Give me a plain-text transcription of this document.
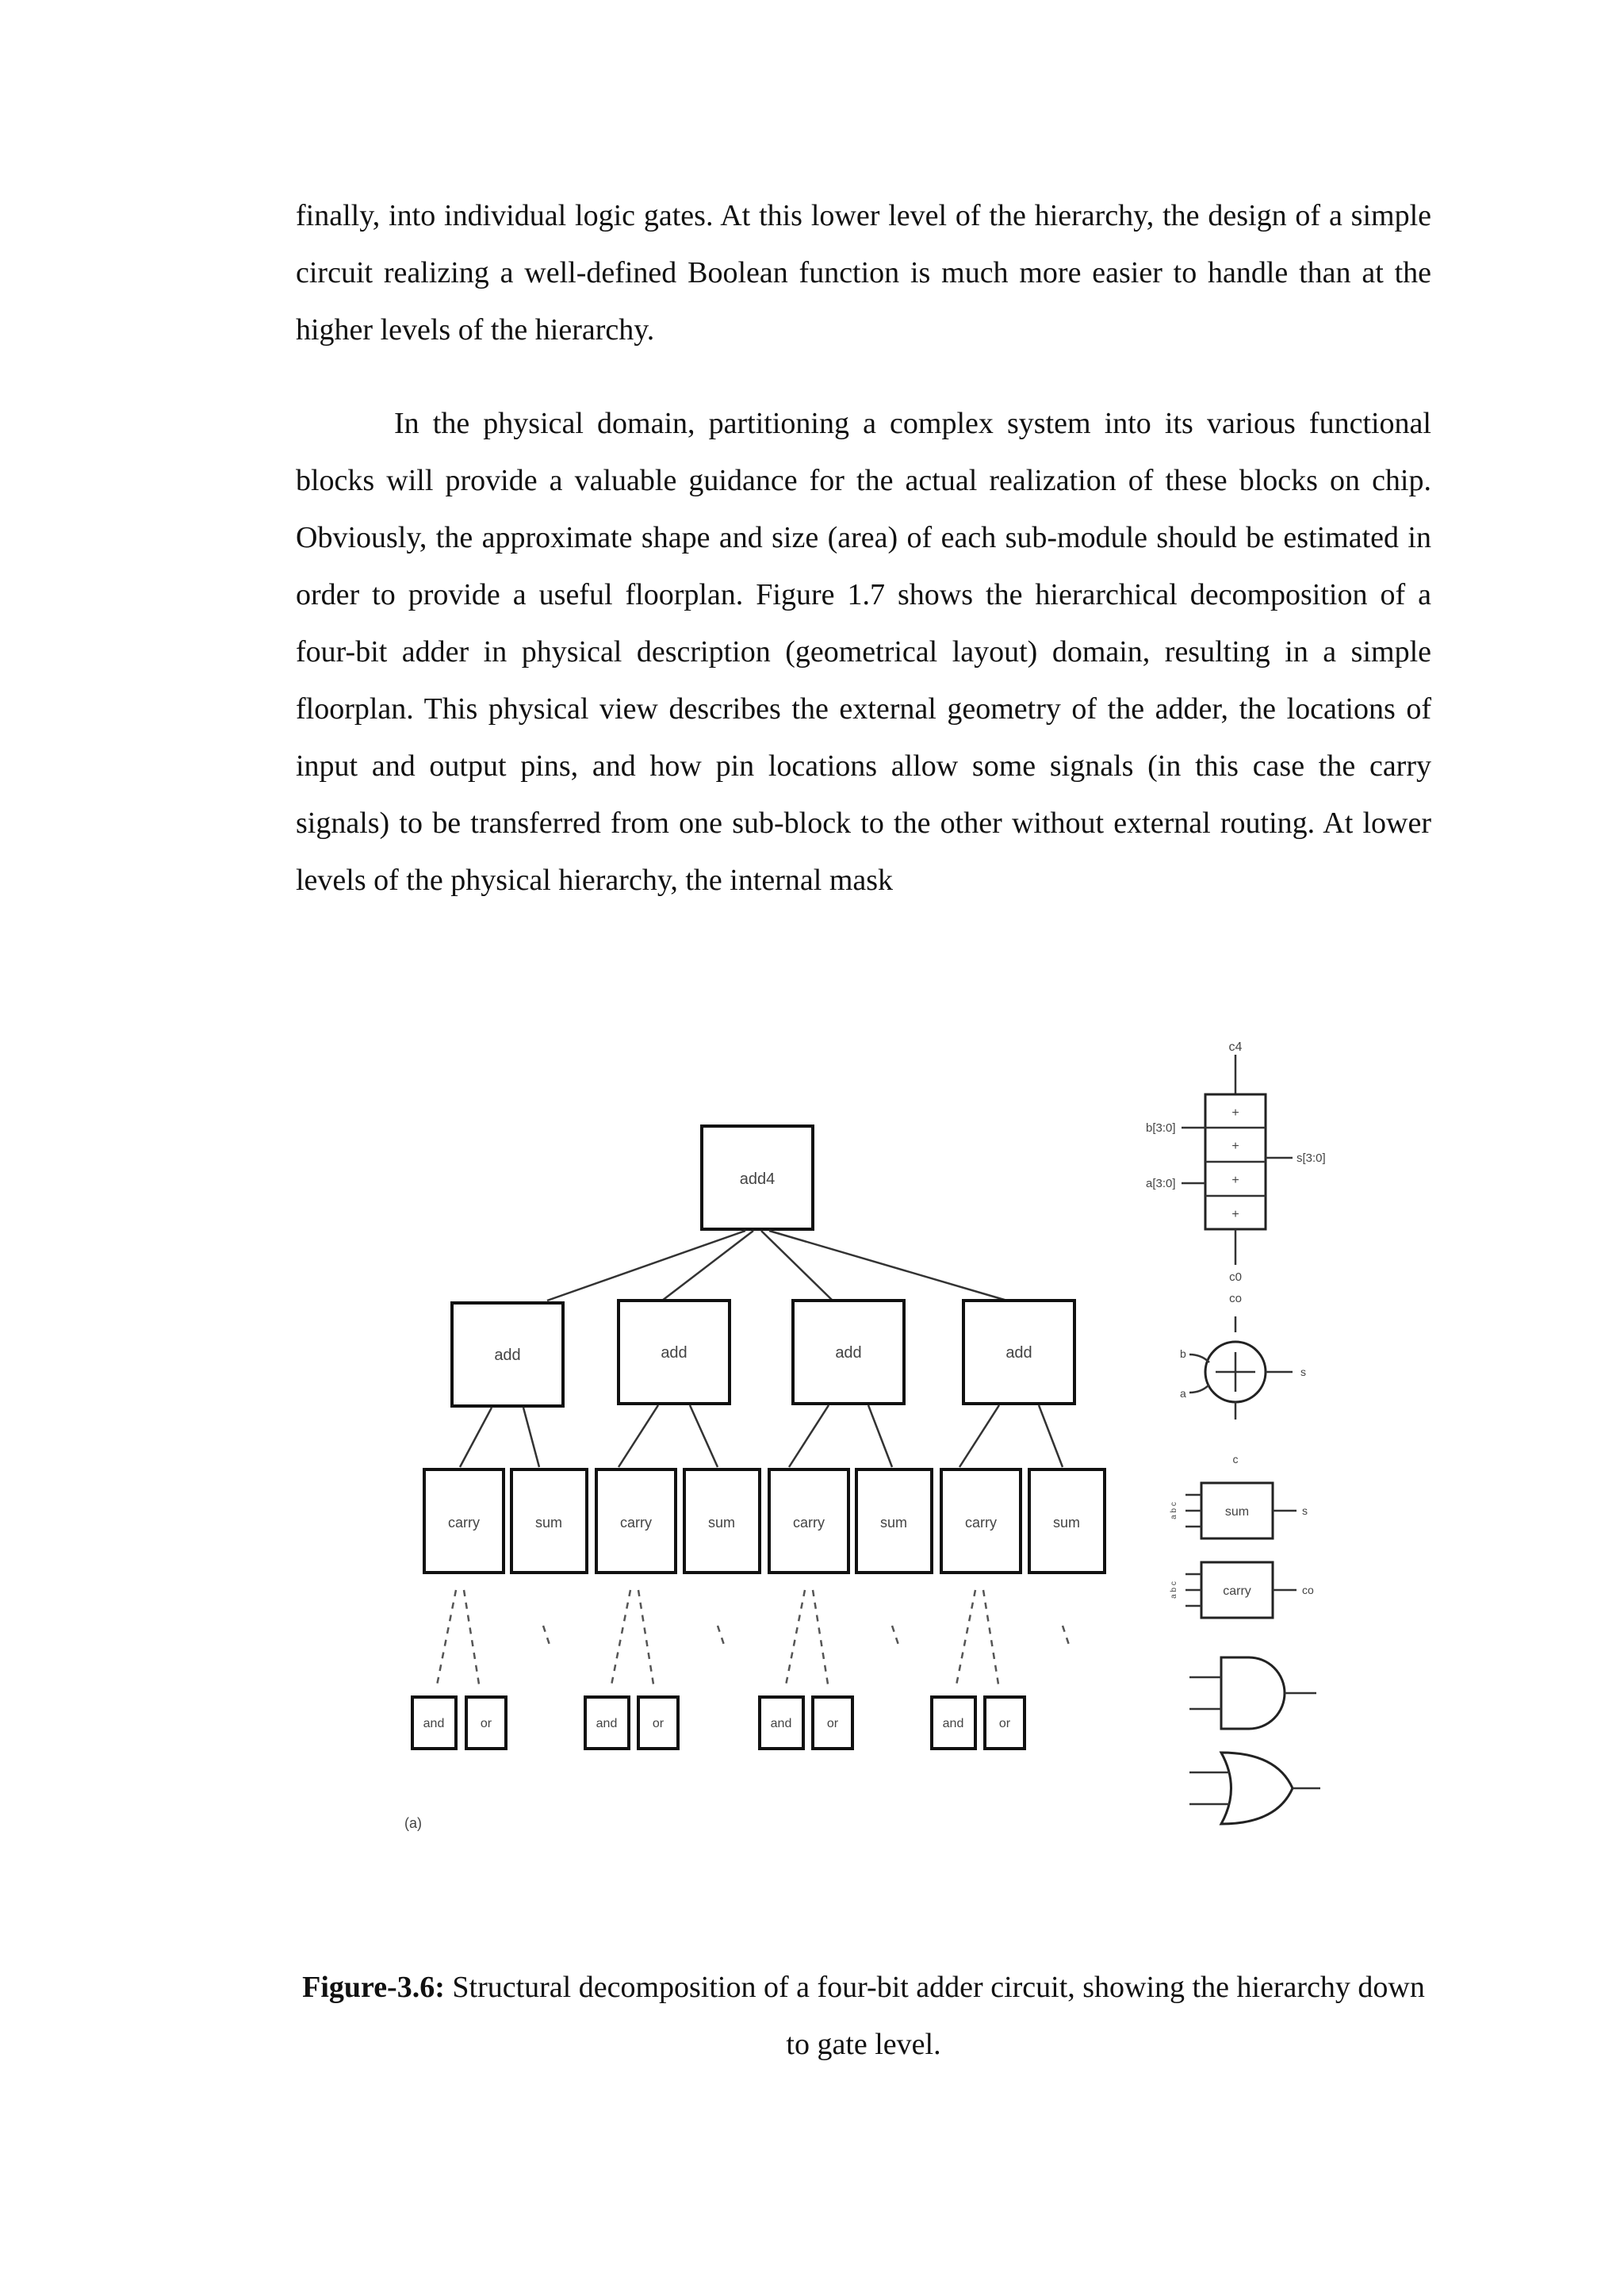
finally, into individual logic gates. At this lower level of the hierarchy, the design of a simple circuit realizing a well-defined Boolean function is much more easier to handle than at the higher levels of the hierarchy.
In the physical domain, partitioning a complex system into its various functional blocks will provide a valuable guidance for the actual realization of these blocks on chip. Obviously, the approximate shape and size (area) of each sub-module should be estimated in order to provide a useful floorplan. Figure 1.7 shows the hierarchical decomposition of a four-bit adder in physical description (geometrical layout) domain, resulting in a simple floorplan. This physical view describes the external geometry of the adder, the locations of input and output pins, and how pin locations allow some signals (in this case the carry signals) to be transferred from one sub-block to the other without external routing. At lower levels of the physical hierarchy, the internal mask
add4
add	add	add	add
carry	sum	carry	sum	carry	sum	carry	sum
and	or	and	or	and	or	and	or
(a)
c4
+
+
+
+
b[3:0]
a[3:0]
s[3:0]
c0
co
b
a
s
c
sum	s
a b c
carry	co
a b c
Figure-3.6: Structural decomposition of a four-bit adder circuit, showing the hierarchy down to gate level.
